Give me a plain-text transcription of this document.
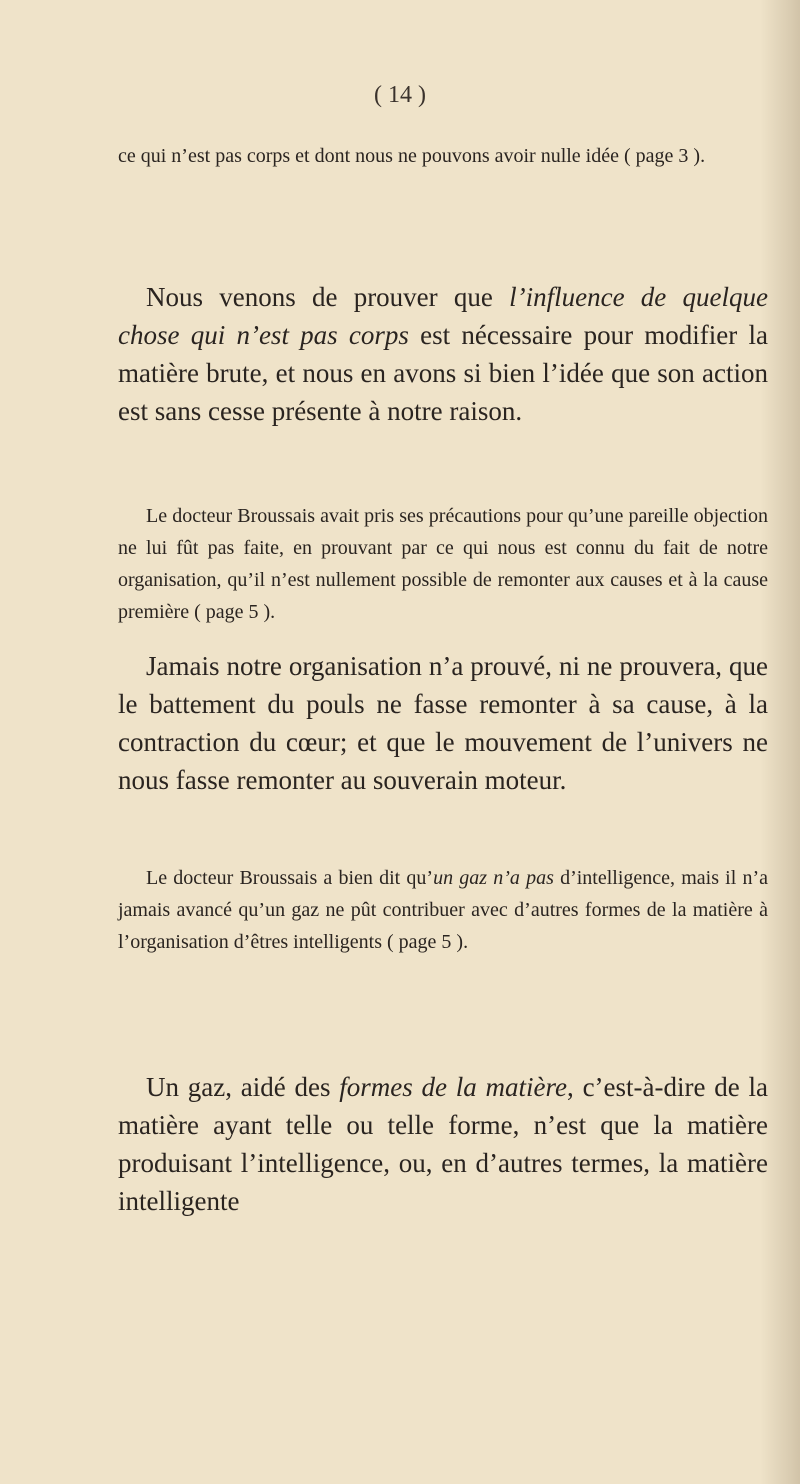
( 14 )

ce qui n’est pas corps et dont nous ne pouvons avoir nulle idée ( page 3 ).

Nous venons de prouver que l’influence de quelque chose qui n’est pas corps est nécessaire pour modifier la matière brute, et nous en avons si bien l’idée que son action est sans cesse présente à notre raison.

Le docteur Broussais avait pris ses précautions pour qu’une pareille objection ne lui fût pas faite, en prouvant par ce qui nous est connu du fait de notre organisation, qu’il n’est nullement possible de remonter aux causes et à la cause première ( page 5 ).

Jamais notre organisation n’a prouvé, ni ne prouvera, que le battement du pouls ne fasse remonter à sa cause, à la contraction du cœur; et que le mouvement de l’univers ne nous fasse remonter au souverain moteur.

Le docteur Broussais a bien dit qu’un gaz n’a pas d’intelligence, mais il n’a jamais avancé qu’un gaz ne pût contribuer avec d’autres formes de la matière à l’organisation d’êtres intelligents ( page 5 ).

Un gaz, aidé des formes de la matière, c’est-à-dire de la matière ayant telle ou telle forme, n’est que la matière produisant l’intelligence, ou, en d’autres termes, la matière intelligente
